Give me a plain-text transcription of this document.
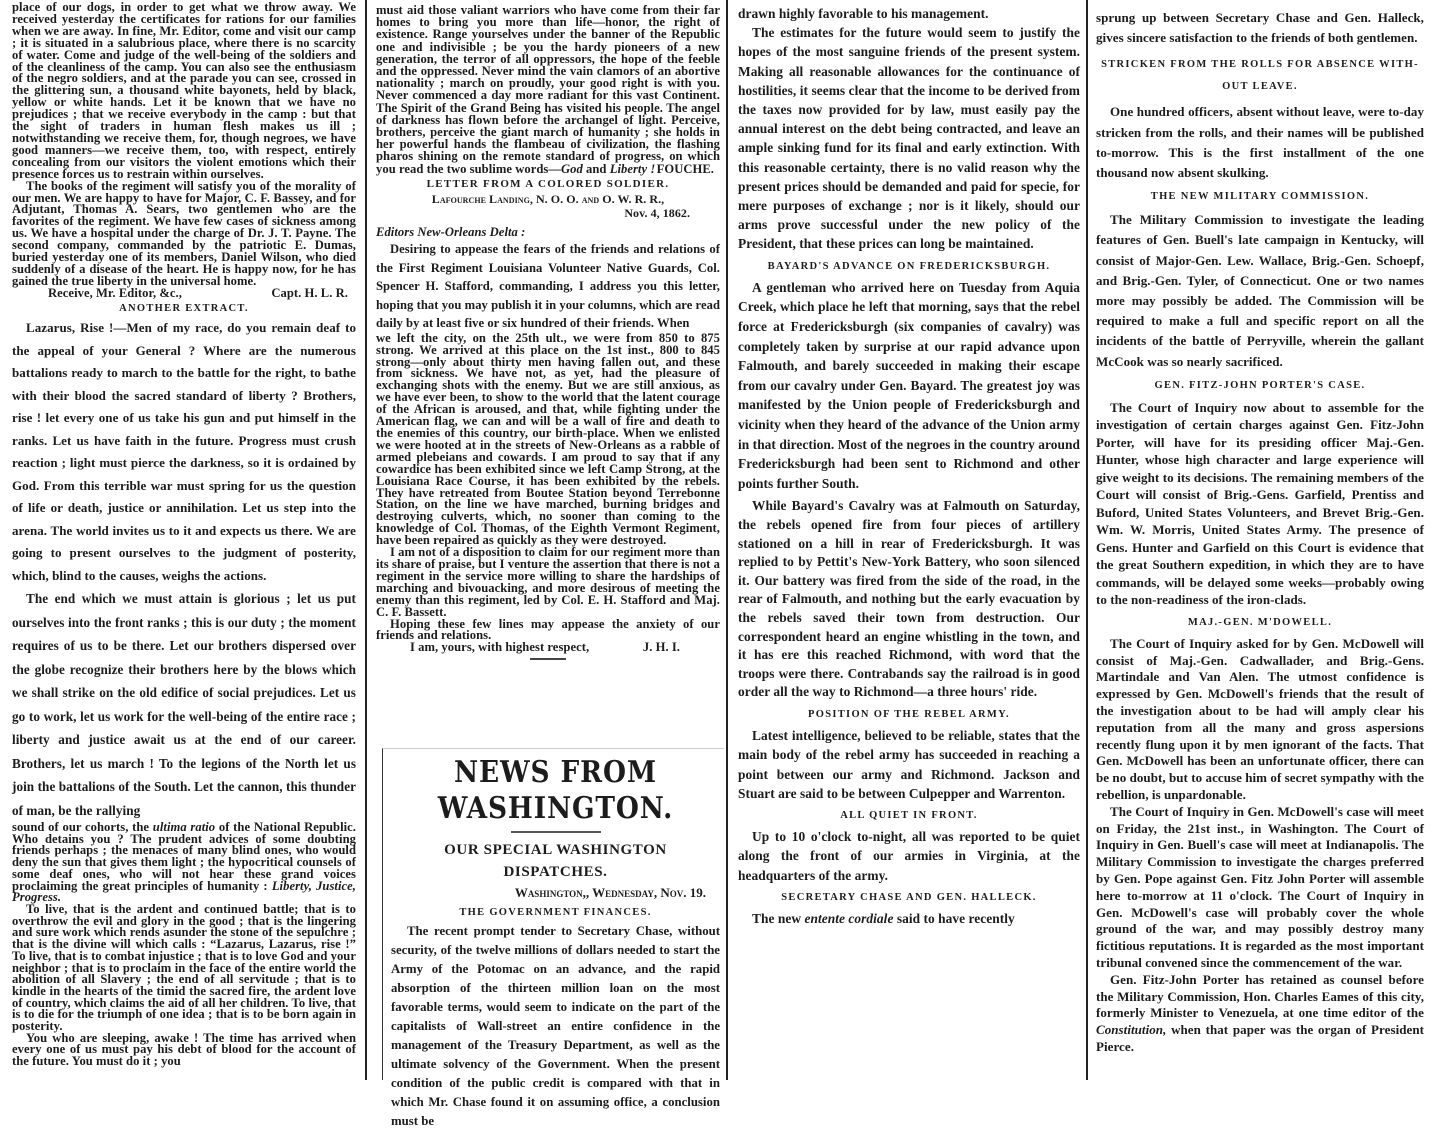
place of our dogs, in order to get what we throw away. We received yesterday the certificates for rations for our families when we are away. In fine, Mr. Editor, come and visit our camp ; it is situated in a salubrious place, where there is no scarcity of water. Come and judge of the well-being of the soldiers and of the cleanliness of the camp. You can also see the enthusiasm of the negro soldiers, and at the parade you can see, crossed in the glittering sun, a thousand white bayonets, held by black, yellow or white hands. Let it be known that we have no prejudices ; that we receive everybody in the camp : but that the sight of traders in human flesh makes us ill ; notwithstanding we receive them, for, though negroes, we have good manners—we receive them, too, with respect, entirely concealing from our visitors the violent emotions which their presence forces us to restrain within ourselves.

The books of the regiment will satisfy you of the morality of our men. We are happy to have for Major, C. F. Bassey, and for Adjutant, Thomas A. Sears, two gentlemen who are the favorites of the regiment. We have few cases of sickness among us. We have a hospital under the charge of Dr. J. T. Payne. The second company, commanded by the patriotic E. Dumas, buried yesterday one of its members, Daniel Wilson, who died suddenly of a disease of the heart. He is happy now, for he has gained the true liberty in the universal home.

Receive, Mr. Editor, &c.,	Capt. H. L. R.

ANOTHER EXTRACT.

Lazarus, Rise !—Men of my race, do you remain deaf to the appeal of your General ? Where are the numerous battalions ready to march to the battle for the right, to bathe with their blood the sacred standard of liberty ? Brothers, rise ! let every one of us take his gun and put himself in the ranks. Let us have faith in the future. Progress must crush reaction ; light must pierce the darkness, so it is ordained by God. From this terrible war must spring for us the question of life or death, justice or annihilation. Let us step into the arena. The world invites us to it and expects us there. We are going to present ourselves to the judgment of posterity, which, blind to the causes, weighs the actions.

The end which we must attain is glorious ; let us put ourselves into the front ranks ; this is our duty ; the moment requires of us to be there. Let our brothers dispersed over the globe recognize their brothers here by the blows which we shall strike on the old edifice of social prejudices. Let us go to work, let us work for the well-being of the entire race ; liberty and justice await us at the end of our career. Brothers, let us march ! To the legions of the North let us join the battalions of the South. Let the cannon, this thunder of man, be the rallying

sound of our cohorts, the ultima ratio of the National Republic. Who detains you ? The prudent advices of some doubting friends perhaps ; the menaces of many blind ones, who would deny the sun that gives them light ; the hypocritical counsels of some deaf ones, who will not hear these grand voices proclaiming the great principles of humanity : Liberty, Justice, Progress.

To live, that is the ardent and continued battle; that is to overthrow the evil and glory in the good ; that is the lingering and sure work which rends asunder the stone of the sepulchre ; that is the divine will which calls : “Lazarus, Lazarus, rise !” To live, that is to combat injustice ; that is to love God and your neighbor ; that is to proclaim in the face of the entire world the abolition of all Slavery ; the end of all servitude ; that is to kindle in the hearts of the timid the sacred fire, the ardent love of country, which claims the aid of all her children. To live, that is to die for the triumph of one idea ; that is to be born again in posterity.

You who are sleeping, awake ! The time has arrived when every one of us must pay his debt of blood for the account of the future. You must do it ; you

must aid those valiant warriors who have come from their far homes to bring you more than life—honor, the right of existence. Range yourselves under the banner of the Republic one and indivisible ; be you the hardy pioneers of a new generation, the terror of all oppressors, the hope of the feeble and the oppressed. Never mind the vain clamors of an abortive nationality ; march on proudly, your good right is with you. Never commenced a day more radiant for this vast Continent. The Spirit of the Grand Being has visited his people. The angel of darkness has flown before the archangel of light. Perceive, brothers, perceive the giant march of humanity ; she holds in her powerful hands the flambeau of civilization, the flashing pharos shining on the remote standard of progress, on which you read the two sublime words—God and Liberty ! FOUCHE.

LETTER FROM A COLORED SOLDIER.
Lafourche Landing, N. O. O. and O. W. R. R.,
Nov. 4, 1862.
Editors New-Orleans Delta :

Desiring to appease the fears of the friends and relations of the First Regiment Louisiana Volunteer Native Guards, Col. Spencer H. Stafford, commanding, I address you this letter, hoping that you may publish it in your columns, which are read daily by at least five or six hundred of their friends. When

we left the city, on the 25th ult., we were from 850 to 875 strong. We arrived at this place on the 1st inst., 800 to 845 strong—only about thirty men having fallen out, and these from sickness. We have not, as yet, had the pleasure of exchanging shots with the enemy. But we are still anxious, as we have ever been, to show to the world that the latent courage of the African is aroused, and that, while fighting under the American flag, we can and will be a wall of fire and death to the enemies of this country, our birth-place. When we enlisted we were hooted at in the streets of New-Orleans as a rabble of armed plebeians and cowards. I am proud to say that if any cowardice has been exhibited since we left Camp Strong, at the Louisiana Race Course, it has been exhibited by the rebels. They have retreated from Boutee Station beyond Terrebonne Station, on the line we have marched, burning bridges and destroying culverts, which, no sooner than coming to the knowledge of Col. Thomas, of the Eighth Vermont Regiment, have been repaired as quickly as they were destroyed.

I am not of a disposition to claim for our regiment more than its share of praise, but I venture the assertion that there is not a regiment in the service more willing to share the hardships of marching and bivouacking, and more desirous of meeting the enemy than this regiment, led by Col. E. H. Stafford and Maj. C. F. Bassett.

Hoping these few lines may appease the anxiety of our friends and relations.

I am, yours, with highest respect,	J. H. I.

NEWS FROM WASHINGTON.
OUR SPECIAL WASHINGTON DISPATCHES.
Washington,, Wednesday, Nov. 19.
THE GOVERNMENT FINANCES.

The recent prompt tender to Secretary Chase, without security, of the twelve millions of dollars needed to start the Army of the Potomac on an advance, and the rapid absorption of the thirteen million loan on the most favorable terms, would seem to indicate on the part of the capitalists of Wall-street an entire confidence in the management of the Treasury Department, as well as the ultimate solvency of the Government. When the present condition of the public credit is compared with that in which Mr. Chase found it on assuming office, a conclusion must be

drawn highly favorable to his management.

The estimates for the future would seem to justify the hopes of the most sanguine friends of the present system. Making all reasonable allowances for the continuance of hostilities, it seems clear that the income to be derived from the taxes now provided for by law, must easily pay the annual interest on the debt being contracted, and leave an ample sinking fund for its final and early extinction. With this reasonable certainty, there is no valid reason why the present prices should be demanded and paid for specie, for mere purposes of exchange ; nor is it likely, should our arms prove successful under the new policy of the President, that these prices can long be maintained.

BAYARD'S ADVANCE ON FREDERICKSBURGH.

A gentleman who arrived here on Tuesday from Aquia Creek, which place he left that morning, says that the rebel force at Fredericksburgh (six companies of cavalry) was completely taken by surprise at our rapid advance upon Falmouth, and barely succeeded in making their escape from our cavalry under Gen. Bayard. The greatest joy was manifested by the Union people of Fredericksburgh and vicinity when they heard of the advance of the Union army in that direction. Most of the negroes in the country around Fredericksburgh had been sent to Richmond and other points further South.

While Bayard's Cavalry was at Falmouth on Saturday, the rebels opened fire from four pieces of artillery stationed on a hill in rear of Fredericksburgh. It was replied to by Pettit's New-York Battery, who soon silenced it. Our battery was fired from the side of the road, in the rear of Falmouth, and nothing but the early evacuation by the rebels saved their town from destruction. Our correspondent heard an engine whistling in the town, and it has ere this reached Richmond, with word that the troops were there. Contrabands say the railroad is in good order all the way to Richmond—a three hours' ride.

POSITION OF THE REBEL ARMY.

Latest intelligence, believed to be reliable, states that the main body of the rebel army has succeeded in reaching a point between our army and Richmond. Jackson and Stuart are said to be between Culpepper and Warrenton.

ALL QUIET IN FRONT.

Up to 10 o'clock to-night, all was reported to be quiet along the front of our armies in Virginia, at the headquarters of the army.

SECRETARY CHASE AND GEN. HALLECK.

The new entente cordiale said to have recently

sprung up between Secretary Chase and Gen. Halleck, gives sincere satisfaction to the friends of both gentlemen.

STRICKEN FROM THE ROLLS FOR ABSENCE WITH-
OUT LEAVE.

One hundred officers, absent without leave, were to-day stricken from the rolls, and their names will be published to-morrow. This is the first installment of the one thousand now absent skulking.

THE NEW MILITARY COMMISSION.

The Military Commission to investigate the leading features of Gen. Buell's late campaign in Kentucky, will consist of Major-Gen. Lew. Wallace, Brig.-Gen. Schoepf, and Brig.-Gen. Tyler, of Connecticut. One or two names more may possibly be added. The Commission will be required to make a full and specific report on all the incidents of the battle of Perryville, wherein the gallant McCook was so nearly sacrificed.

GEN. FITZ-JOHN PORTER'S CASE.

The Court of Inquiry now about to assemble for the investigation of certain charges against Gen. Fitz-John Porter, will have for its presiding officer Maj.-Gen. Hunter, whose high character and large experience will give weight to its decisions. The remaining members of the Court will consist of Brig.-Gens. Garfield, Prentiss and Buford, United States Volunteers, and Brevet Brig.-Gen. Wm. W. Morris, United States Army. The presence of Gens. Hunter and Garfield on this Court is evidence that the great Southern expedition, in which they are to have commands, will be delayed some weeks—probably owing to the non-readiness of the iron-clads.

MAJ.-GEN. M'DOWELL.

The Court of Inquiry asked for by Gen. McDowell will consist of Maj.-Gen. Cadwallader, and Brig.-Gens. Martindale and Van Alen. The utmost confidence is expressed by Gen. McDowell's friends that the result of the investigation about to be had will amply clear his reputation from all the many and gross aspersions recently flung upon it by men ignorant of the facts. That Gen. McDowell has been an unfortunate officer, there can be no doubt, but to accuse him of secret sympathy with the rebellion, is unpardonable.

The Court of Inquiry in Gen. McDowell's case will meet on Friday, the 21st inst., in Washington. The Court of Inquiry in Gen. Buell's case will meet at Indianapolis. The Military Commission to investigate the charges preferred by Gen. Pope against Gen. Fitz John Porter will assemble here to-morrow at 11 o'clock. The Court of Inquiry in Gen. McDowell's case will probably cover the whole ground of the war, and may possibly destroy many fictitious reputations. It is regarded as the most important tribunal convened since the commencement of the war.

Gen. Fitz-John Porter has retained as counsel before the Military Commission, Hon. Charles Eames of this city, formerly Minister to Venezuela, at one time editor of the Constitution, when that paper was the organ of President Pierce.
